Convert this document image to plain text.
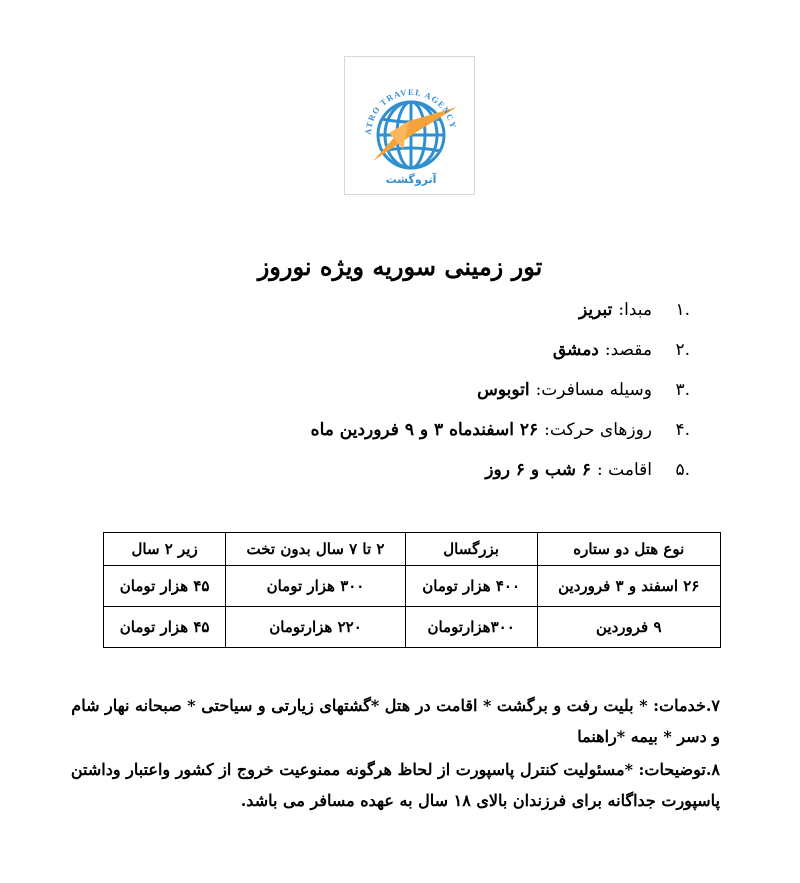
ATRO TRAVEL AGENCY
آتروگشت
تور زمینی سوریه ویژه نوروز
.۱
مبدا:
تبریز
.۲
مقصد:
دمشق
.۳
وسیله مسافرت:
اتوبوس
.۴
روزهای حرکت:
۲۶ اسفندماه ۳ و ۹ فروردین ماه
.۵
اقامت :
۶ شب و ۶ روز
نوع هتل دو ستاره	بزرگسال	۲ تا ۷ سال بدون تخت	زیر ۲ سال
۲۶ اسفند و ۳ فروردین	۴۰۰ هزار تومان	۳۰۰ هزار تومان	۴۵ هزار تومان
۹ فروردین	۳۰۰هزارتومان	۲۲۰ هزارتومان	۴۵ هزار تومان

۷.خدمات: * بلیت رفت و برگشت * اقامت در هتل *گشتهای زیارتی و سیاحتی * صبحانه نهار شام و دسر * بیمه *راهنما

۸.توضیحات: *مسئولیت کنترل پاسپورت از لحاظ هرگونه ممنوعیت خروج از کشور واعتبار وداشتن پاسپورت جداگانه برای فرزندان بالای ۱۸ سال به عهده مسافر می باشد.
